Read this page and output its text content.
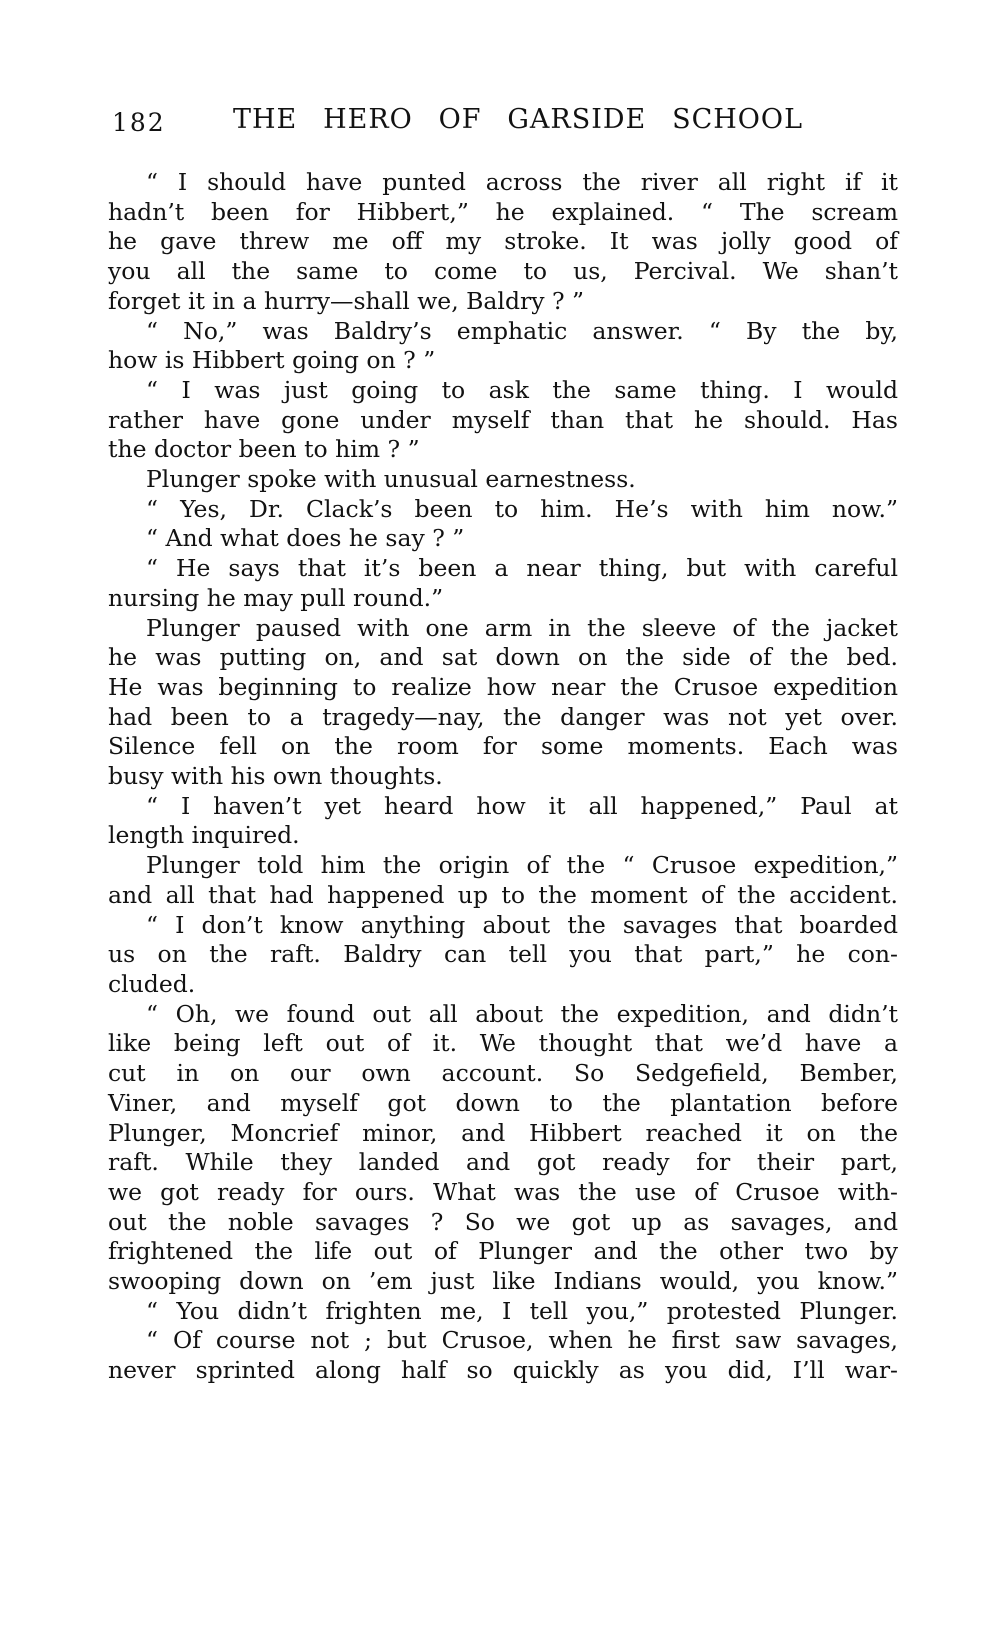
182 THE HERO OF GARSIDE SCHOOL
“ I should have punted across the river all right if it
hadn’t been for Hibbert,” he explained. “ The scream
he gave threw me off my stroke. It was jolly good of
you all the same to come to us, Percival. We shan’t
forget it in a hurry—shall we, Baldry ? ”
“ No,” was Baldry’s emphatic answer. “ By the by,
how is Hibbert going on ? ”
“ I was just going to ask the same thing. I would
rather have gone under myself than that he should. Has
the doctor been to him ? ”
Plunger spoke with unusual earnestness.
“ Yes, Dr. Clack’s been to him. He’s with him now.”
“ And what does he say ? ”
“ He says that it’s been a near thing, but with careful
nursing he may pull round.”
Plunger paused with one arm in the sleeve of the jacket
he was putting on, and sat down on the side of the bed.
He was beginning to realize how near the Crusoe expedition
had been to a tragedy—nay, the danger was not yet over.
Silence fell on the room for some moments. Each was
busy with his own thoughts.
“ I haven’t yet heard how it all happened,” Paul at
length inquired.
Plunger told him the origin of the “ Crusoe expedition,”
and all that had happened up to the moment of the accident.
“ I don’t know anything about the savages that boarded
us on the raft. Baldry can tell you that part,” he con-
cluded.
“ Oh, we found out all about the expedition, and didn’t
like being left out of it. We thought that we’d have a
cut in on our own account. So Sedgefield, Bember,
Viner, and myself got down to the plantation before
Plunger, Moncrief minor, and Hibbert reached it on the
raft. While they landed and got ready for their part,
we got ready for ours. What was the use of Crusoe with-
out the noble savages ? So we got up as savages, and
frightened the life out of Plunger and the other two by
swooping down on ’em just like Indians would, you know.”
“ You didn’t frighten me, I tell you,” protested Plunger.
“ Of course not ; but Crusoe, when he first saw savages,
never sprinted along half so quickly as you did, I’ll war-
